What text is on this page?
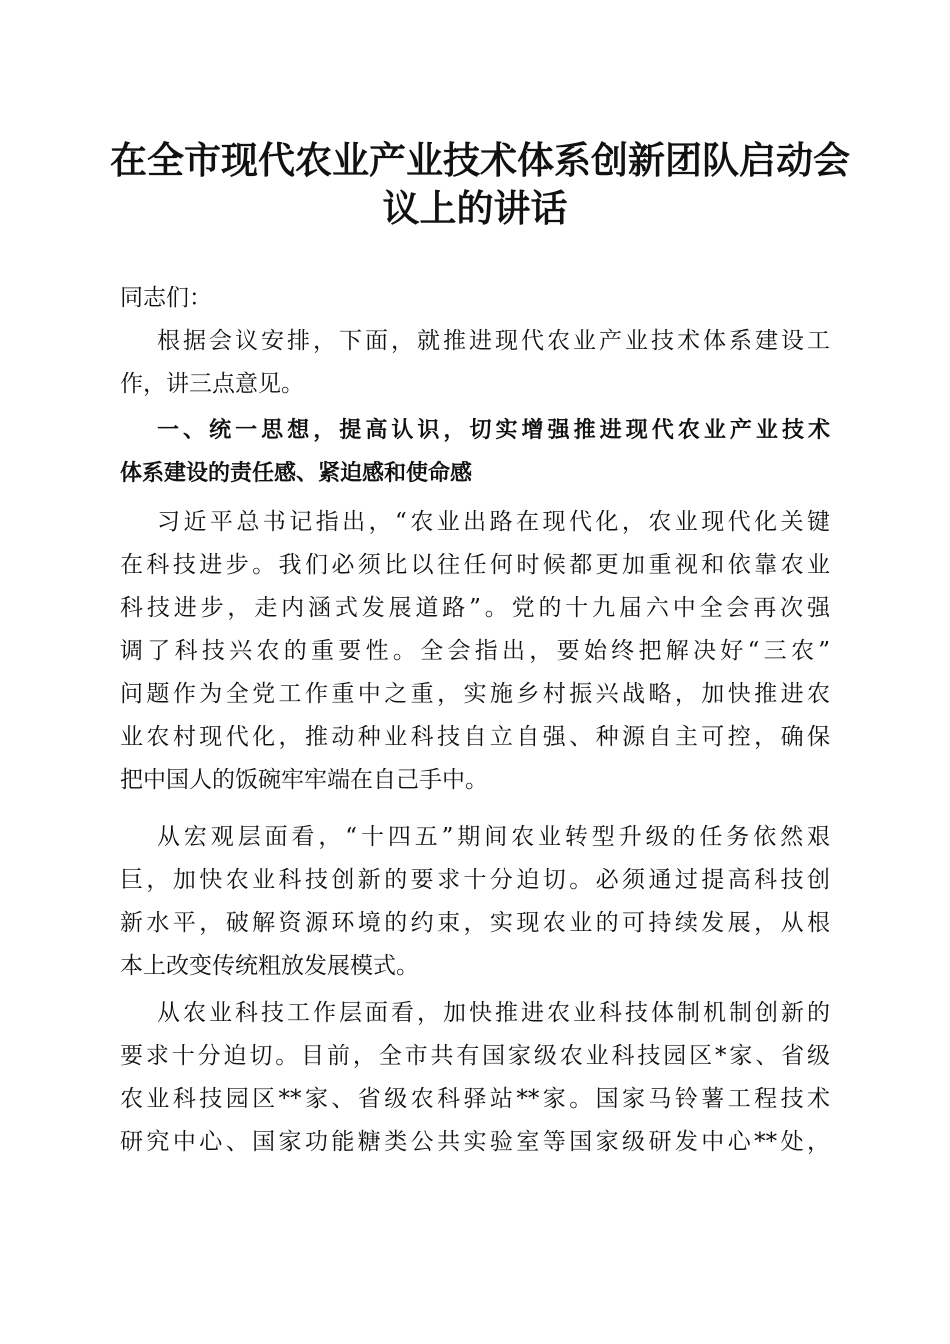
在全市现代农业产业技术体系创新团队启动会
议上的讲话
同志们：
根据会议安排，下面，就推进现代农业产业技术体系建设工
作，讲三点意见。
一、统一思想，提高认识，切实增强推进现代农业产业技术
体系建设的责任感、紧迫感和使命感
习近平总书记指出，“农业出路在现代化，农业现代化关键
在科技进步。我们必须比以往任何时候都更加重视和依靠农业
科技进步，走内涵式发展道路”。党的十九届六中全会再次强
调了科技兴农的重要性。全会指出，要始终把解决好“三农”
问题作为全党工作重中之重，实施乡村振兴战略，加快推进农
业农村现代化，推动种业科技自立自强、种源自主可控，确保
把中国人的饭碗牢牢端在自己手中。
从宏观层面看，“十四五”期间农业转型升级的任务依然艰
巨，加快农业科技创新的要求十分迫切。必须通过提高科技创
新水平，破解资源环境的约束，实现农业的可持续发展，从根
本上改变传统粗放发展模式。
从农业科技工作层面看，加快推进农业科技体制机制创新的
要求十分迫切。目前，全市共有国家级农业科技园区*家、省级
农业科技园区**家、省级农科驿站**家。国家马铃薯工程技术
研究中心、国家功能糖类公共实验室等国家级研发中心**处，
